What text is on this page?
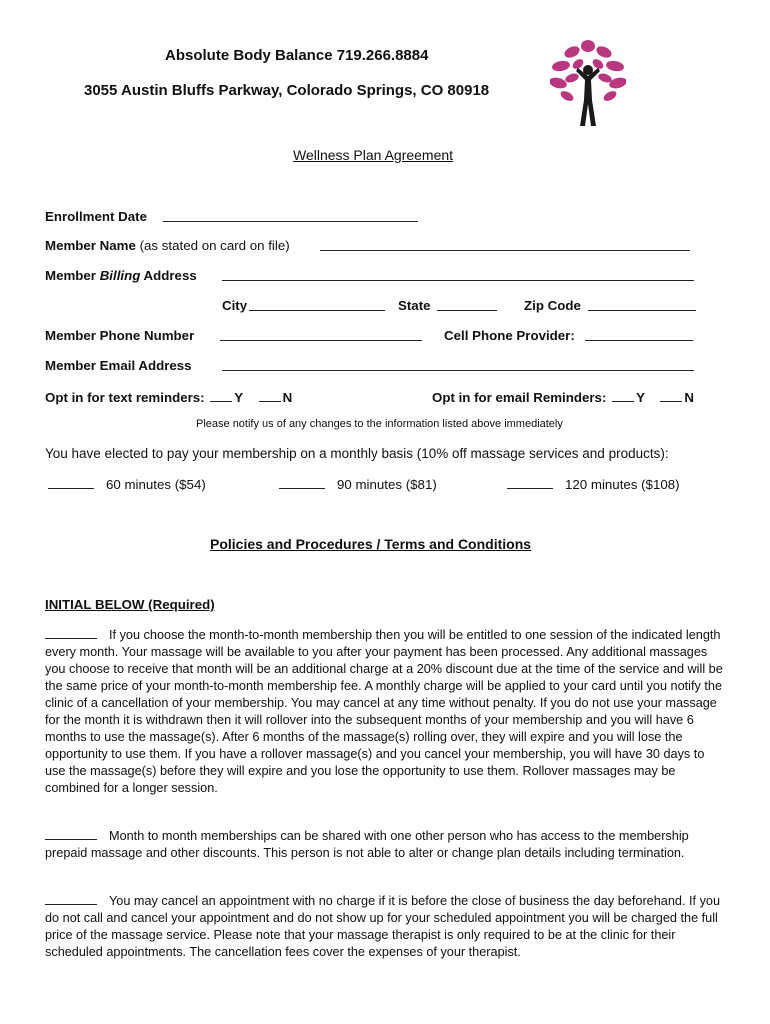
Absolute Body Balance 719.266.8884
3055 Austin Bluffs Parkway, Colorado Springs, CO 80918
Wellness Plan Agreement
Enrollment Date
Member Name (as stated on card on file)
Member Billing Address
City	State	Zip Code
Member Phone Number	Cell Phone Provider:
Member Email Address
Opt in for text reminders: Y	N	Opt in for email Reminders: Y	N
Please notify us of any changes to the information listed above immediately
You have elected to pay your membership on a monthly basis (10% off massage services and products):
60 minutes ($54)	90 minutes ($81)	120 minutes ($108)
Policies and Procedures / Terms and Conditions
INITIAL BELOW (Required)
If you choose the month-to-month membership then you will be entitled to one session of the indicated length every month. Your massage will be available to you after your payment has been processed. Any additional massages you choose to receive that month will be an additional charge at a 20% discount due at the time of the service and will be the same price of your month-to-month membership fee. A monthly charge will be applied to your card until you notify the clinic of a cancellation of your membership. You may cancel at any time without penalty. If you do not use your massage for the month it is withdrawn then it will rollover into the subsequent months of your membership and you will have 6 months to use the massage(s). After 6 months of the massage(s) rolling over, they will expire and you will lose the opportunity to use them. If you have a rollover massage(s) and you cancel your membership, you will have 30 days to use the massage(s) before they will expire and you lose the opportunity to use them. Rollover massages may be combined for a longer session.
Month to month memberships can be shared with one other person who has access to the membership prepaid massage and other discounts. This person is not able to alter or change plan details including termination.
You may cancel an appointment with no charge if it is before the close of business the day beforehand. If you do not call and cancel your appointment and do not show up for your scheduled appointment you will be charged the full price of the massage service. Please note that your massage therapist is only required to be at the clinic for their scheduled appointments. The cancellation fees cover the expenses of your therapist.
